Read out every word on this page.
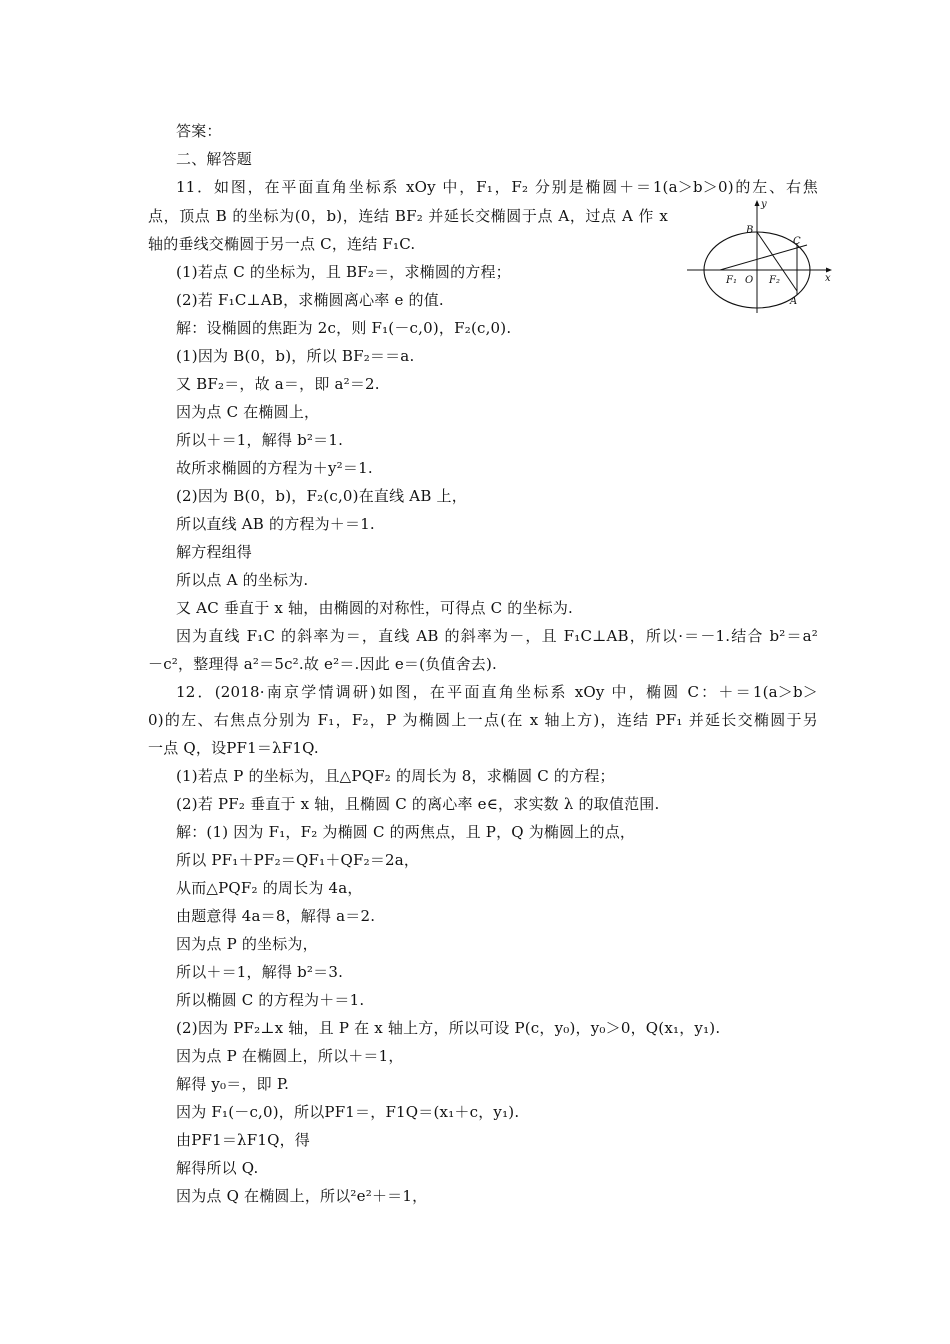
答案：
二、解答题
11．如图，在平面直角坐标系 xOy 中，F₁，F₂ 分别是椭圆＋＝1(a＞b＞0)的左、右焦
点，顶点 B 的坐标为(0，b)，连结 BF₂ 并延长交椭圆于点 A，过点 A 作 x
轴的垂线交椭圆于另一点 C，连结 F₁C.
(1)若点 C 的坐标为，且 BF₂＝，求椭圆的方程；
(2)若 F₁C⊥AB，求椭圆离心率 e 的值.
解：设椭圆的焦距为 2c，则 F₁(－c,0)，F₂(c,0).
(1)因为 B(0，b)，所以 BF₂＝＝a.
又 BF₂＝，故 a＝，即 a²＝2.
因为点 C 在椭圆上，
所以＋＝1，解得 b²＝1.
故所求椭圆的方程为＋y²＝1.
(2)因为 B(0，b)，F₂(c,0)在直线 AB 上，
所以直线 AB 的方程为＋＝1.
解方程组得
所以点 A 的坐标为.
又 AC 垂直于 x 轴，由椭圆的对称性，可得点 C 的坐标为.
因为直线 F₁C 的斜率为＝，直线 AB 的斜率为－，且 F₁C⊥AB，所以·＝－1.结合 b²＝a²
－c²，整理得 a²＝5c².故 e²＝.因此 e＝(负值舍去).
12．(2018·南京学情调研)如图，在平面直角坐标系 xOy 中，椭圆 C：＋＝1(a＞b＞
0)的左、右焦点分别为 F₁，F₂，P 为椭圆上一点(在 x 轴上方)，连结 PF₁ 并延长交椭圆于另
一点 Q，设PF1＝λF1Q.
(1)若点 P 的坐标为，且△PQF₂ 的周长为 8，求椭圆 C 的方程；
(2)若 PF₂ 垂直于 x 轴，且椭圆 C 的离心率 e∈，求实数 λ 的取值范围.
解：(1) 因为 F₁，F₂ 为椭圆 C 的两焦点，且 P，Q 为椭圆上的点，
所以 PF₁＋PF₂＝QF₁＋QF₂＝2a，
从而△PQF₂ 的周长为 4a，
由题意得 4a＝8，解得 a＝2.
因为点 P 的坐标为，
所以＋＝1，解得 b²＝3.
所以椭圆 C 的方程为＋＝1.
(2)因为 PF₂⊥x 轴，且 P 在 x 轴上方，所以可设 P(c，y₀)，y₀＞0，Q(x₁，y₁).
因为点 P 在椭圆上，所以＋＝1，
解得 y₀＝，即 P.
因为 F₁(－c,0)，所以PF1＝，F1Q＝(x₁＋c，y₁).
由PF1＝λF1Q，得
解得所以 Q.
因为点 Q 在椭圆上，所以²e²＋＝1，
y
x
B
C
F₁ O F₂
A
